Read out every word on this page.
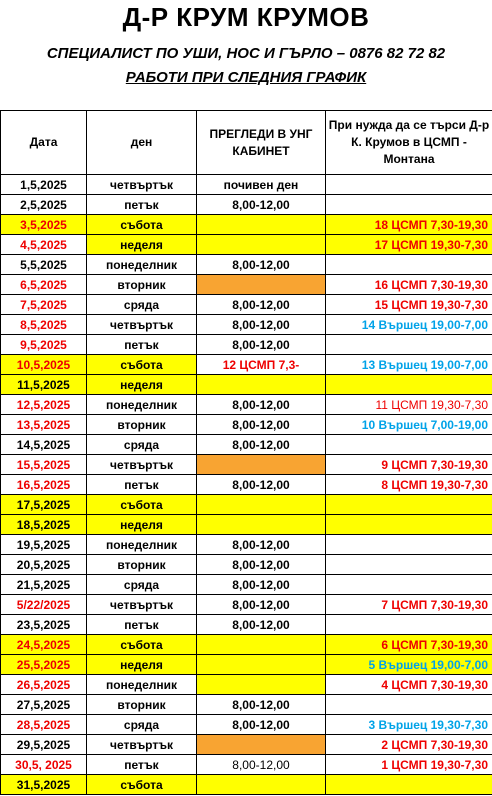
Д-Р КРУМ КРУМОВ
СПЕЦИАЛИСТ ПО УШИ, НОС И ГЪРЛО – 0876 82 72 82
РАБОТИ ПРИ СЛЕДНИЯ ГРАФИК
Дата	ден	ПРЕГЛЕДИ В УНГ КАБИНЕТ	При нужда да се търси Д-р К. Крумов в ЦСМП - Монтана
1,5,2025	четвъртък	почивен ден	
2,5,2025	петък	8,00-12,00	
3,5,2025	събота		18 ЦСМП 7,30-19,30
4,5,2025	неделя		17 ЦСМП 19,30-7,30
5,5,2025	понеделник	8,00-12,00	
6,5,2025	вторник		16 ЦСМП 7,30-19,30
7,5,2025	сряда	8,00-12,00	15 ЦСМП 19,30-7,30
8,5,2025	четвъртък	8,00-12,00	14 Вършец 19,00-7,00
9,5,2025	петък	8,00-12,00	
10,5,2025	събота	12 ЦСМП 7,3-	13 Вършец 19,00-7,00
11,5,2025	неделя		
12,5,2025	понеделник	8,00-12,00	11 ЦСМП 19,30-7,30
13,5,2025	вторник	8,00-12,00	10 Вършец 7,00-19,00
14,5,2025	сряда	8,00-12,00	
15,5,2025	четвъртък		9 ЦСМП 7,30-19,30
16,5,2025	петък	8,00-12,00	8 ЦСМП 19,30-7,30
17,5,2025	събота		
18,5,2025	неделя		
19,5,2025	понеделник	8,00-12,00	
20,5,2025	вторник	8,00-12,00	
21,5,2025	сряда	8,00-12,00	
5/22/2025	четвъртък	8,00-12,00	7 ЦСМП 7,30-19,30
23,5,2025	петък	8,00-12,00	
24,5,2025	събота		6 ЦСМП 7,30-19,30
25,5,2025	неделя		5 Вършец 19,00-7,00
26,5,2025	понеделник		4 ЦСМП 7,30-19,30
27,5,2025	вторник	8,00-12,00	
28,5,2025	сряда	8,00-12,00	3 Вършец 19,30-7,30
29,5,2025	четвъртък		2 ЦСМП 7,30-19,30
30,5, 2025	петък	8,00-12,00	1 ЦСМП 19,30-7,30
31,5,2025	събота		
